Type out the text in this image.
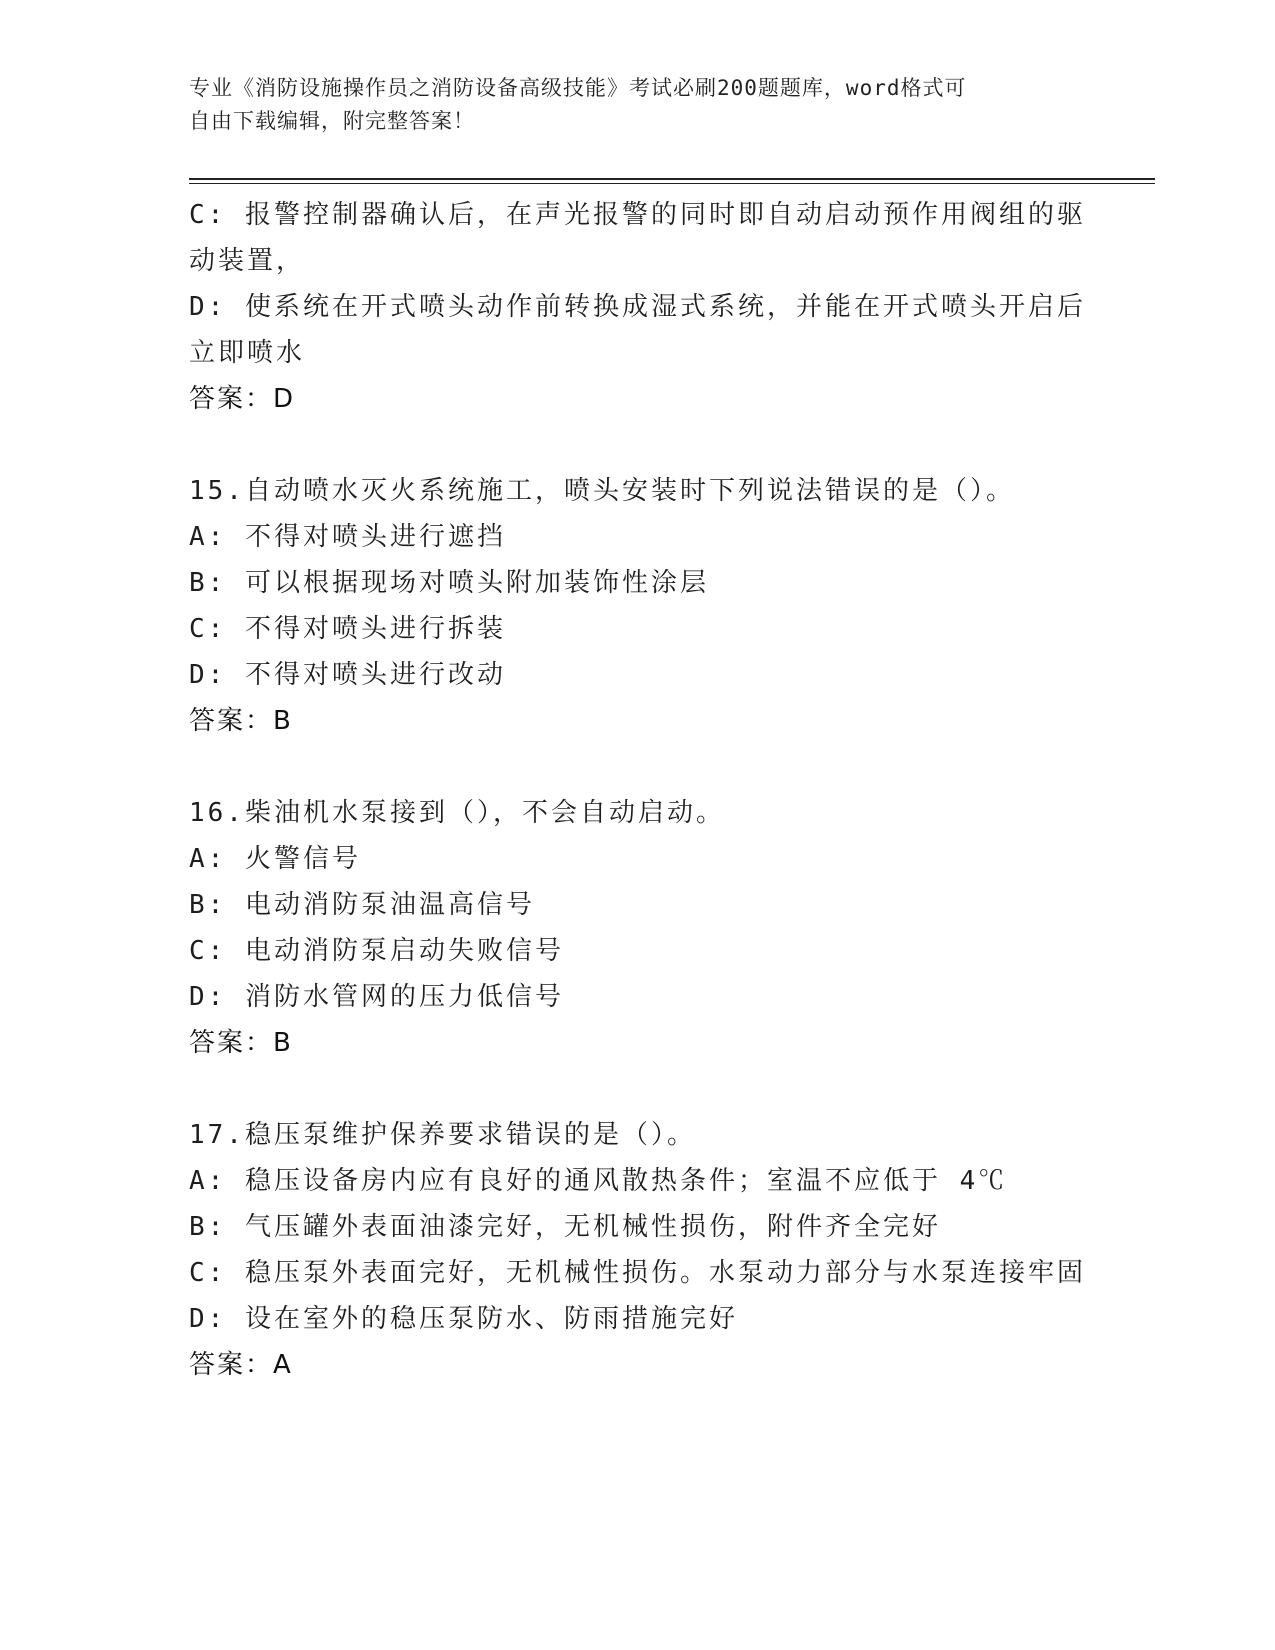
专业《消防设施操作员之消防设备高级技能》考试必刷200题题库，word格式可
自由下载编辑，附完整答案！
C: 报警控制器确认后，在声光报警的同时即自动启动预作用阀组的驱
动装置，
D: 使系统在开式喷头动作前转换成湿式系统，并能在开式喷头开启后
立即喷水
答案：D
15.自动喷水灭火系统施工，喷头安装时下列说法错误的是（）。
A: 不得对喷头进行遮挡
B: 可以根据现场对喷头附加装饰性涂层
C: 不得对喷头进行拆装
D: 不得对喷头进行改动
答案：B
16.柴油机水泵接到（），不会自动启动。
A: 火警信号
B: 电动消防泵油温高信号
C: 电动消防泵启动失败信号
D: 消防水管网的压力低信号
答案：B
17.稳压泵维护保养要求错误的是（）。
A: 稳压设备房内应有良好的通风散热条件；室温不应低于 4℃
B: 气压罐外表面油漆完好，无机械性损伤，附件齐全完好
C: 稳压泵外表面完好，无机械性损伤。水泵动力部分与水泵连接牢固
D: 设在室外的稳压泵防水、防雨措施完好
答案：A
